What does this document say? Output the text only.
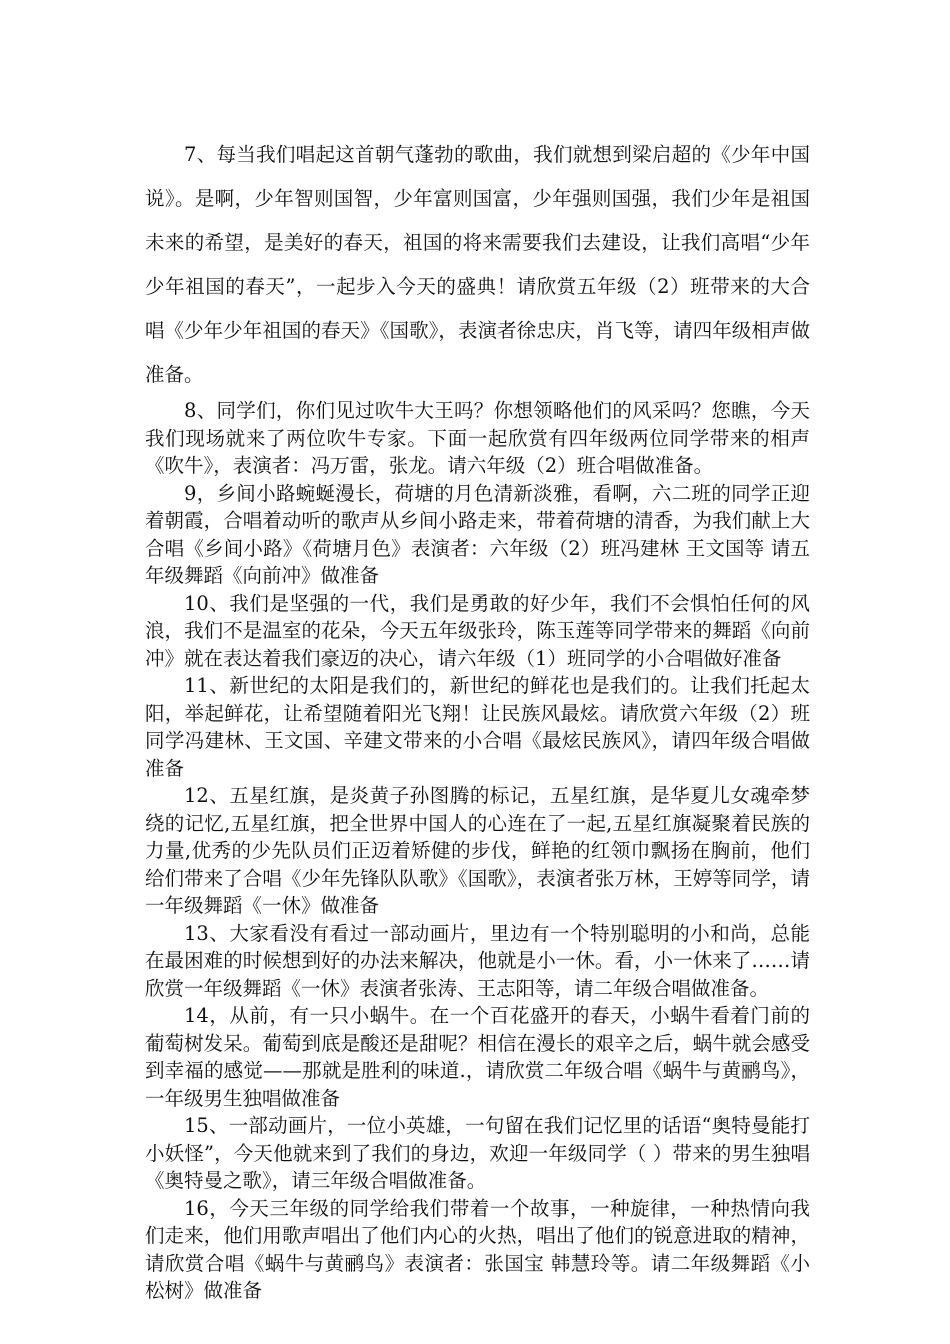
7、每当我们唱起这首朝气蓬勃的歌曲，我们就想到梁启超的《少年中国说》。是啊，少年智则国智，少年富则国富，少年强则国强，我们少年是祖国未来的希望，是美好的春天，祖国的将来需要我们去建设，让我们高唱“少年少年祖国的春天”，一起步入今天的盛典！请欣赏五年级（2）班带来的大合唱《少年少年祖国的春天》《国歌》，表演者徐忠庆，肖飞等，请四年级相声做准备。

8、同学们，你们见过吹牛大王吗？你想领略他们的风采吗？您瞧，今天我们现场就来了两位吹牛专家。下面一起欣赏有四年级两位同学带来的相声《吹牛》，表演者：冯万雷，张龙。请六年级（2）班合唱做准备。

9，乡间小路蜿蜒漫长，荷塘的月色清新淡雅，看啊，六二班的同学正迎着朝霞，合唱着动听的歌声从乡间小路走来，带着荷塘的清香，为我们献上大合唱《乡间小路》《荷塘月色》表演者：六年级（2）班冯建林 王文国等 请五年级舞蹈《向前冲》做准备

10、我们是坚强的一代，我们是勇敢的好少年，我们不会惧怕任何的风浪，我们不是温室的花朵，今天五年级张玲，陈玉莲等同学带来的舞蹈《向前冲》就在表达着我们豪迈的决心，请六年级（1）班同学的小合唱做好准备

11、新世纪的太阳是我们的，新世纪的鲜花也是我们的。让我们托起太阳，举起鲜花，让希望随着阳光飞翔！让民族风最炫。请欣赏六年级（2）班同学冯建林、王文国、辛建文带来的小合唱《最炫民族风》，请四年级合唱做准备

12、五星红旗，是炎黄子孙图腾的标记，五星红旗，是华夏儿女魂牵梦绕的记忆,五星红旗，把全世界中国人的心连在了一起,五星红旗凝聚着民族的力量,优秀的少先队员们正迈着矫健的步伐，鲜艳的红领巾飘扬在胸前，他们给们带来了合唱《少年先锋队队歌》《国歌》，表演者张万林，王婷等同学，请一年级舞蹈《一休》做准备

13、大家看没有看过一部动画片，里边有一个特别聪明的小和尚，总能在最困难的时候想到好的办法来解决，他就是小一休。看，小一休来了……请欣赏一年级舞蹈《一休》表演者张涛、王志阳等，请二年级合唱做准备。

14，从前，有一只小蜗牛。在一个百花盛开的春天，小蜗牛看着门前的葡萄树发呆。葡萄到底是酸还是甜呢？相信在漫长的艰辛之后，蜗牛就会感受到幸福的感觉——那就是胜利的味道.，请欣赏二年级合唱《蜗牛与黄鹂鸟》，一年级男生独唱做准备

15、一部动画片，一位小英雄，一句留在我们记忆里的话语“奥特曼能打小妖怪”，今天他就来到了我们的身边，欢迎一年级同学（ ）带来的男生独唱《奥特曼之歌》，请三年级合唱做准备。

16，今天三年级的同学给我们带着一个故事，一种旋律，一种热情向我们走来，他们用歌声唱出了他们内心的火热，唱出了他们的锐意进取的精神，请欣赏合唱《蜗牛与黄鹂鸟》表演者：张国宝 韩慧玲等。请二年级舞蹈《小松树》做准备
